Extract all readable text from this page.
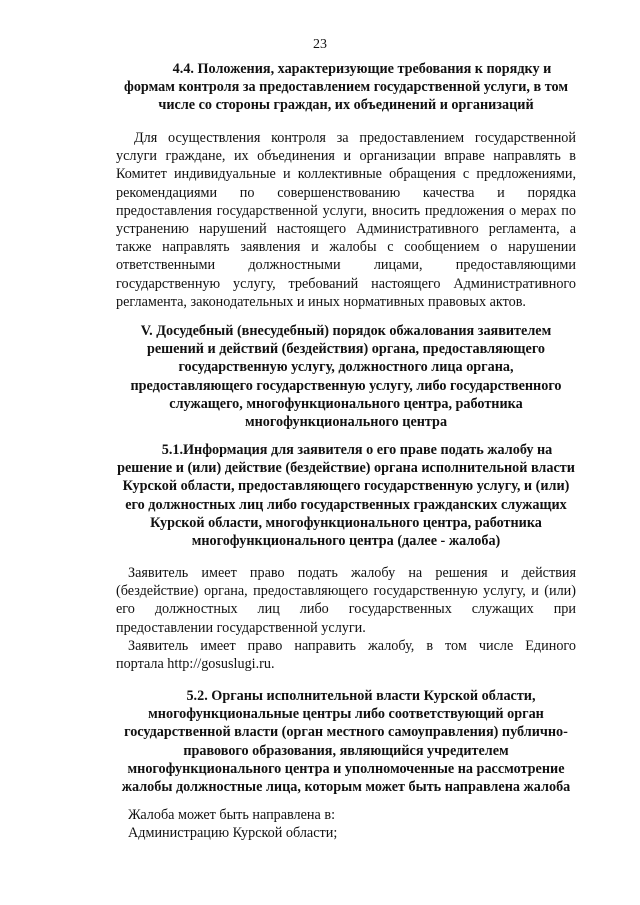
23
4.4. Положения, характеризующие требования к порядку и
формам контроля за предоставлением государственной услуги, в том
числе со стороны граждан, их объединений и организаций
Для осуществления контроля за предоставлением государственной
услуги граждане, их объединения и организации вправе направлять в
Комитет индивидуальные и коллективные обращения с предложениями,
рекомендациями по совершенствованию качества и порядка
предоставления государственной услуги, вносить предложения о мерах по
устранению нарушений настоящего Административного регламента, а
также направлять заявления и жалобы с сообщением о нарушении
ответственными должностными лицами, предоставляющими
государственную услугу, требований настоящего Административного
регламента, законодательных и иных нормативных правовых актов.
V. Досудебный (внесудебный) порядок обжалования заявителем
решений и действий (бездействия) органа, предоставляющего
государственную услугу, должностного лица органа,
предоставляющего государственную услугу, либо государственного
служащего, многофункционального центра, работника
многофункционального центра
5.1.Информация для заявителя о его праве подать жалобу на
решение и (или) действие (бездействие) органа исполнительной власти
Курской области, предоставляющего государственную услугу, и (или)
его должностных лиц либо государственных гражданских служащих
Курской области, многофункционального центра, работника
многофункционального центра (далее - жалоба)
Заявитель имеет право подать жалобу на решения и действия
(бездействие) органа, предоставляющего государственную услугу, и (или)
его должностных лиц либо государственных служащих при
предоставлении государственной услуги.
Заявитель имеет право направить жалобу, в том числе Единого
портала http://gosuslugi.ru.
5.2. Органы исполнительной власти Курской области,
многофункциональные центры либо соответствующий орган
государственной власти (орган местного самоуправления) публично-
правового образования, являющийся учредителем
многофункционального центра и уполномоченные на рассмотрение
жалобы должностные лица, которым может быть направлена жалоба
Жалоба может быть направлена в:
Администрацию Курской области;
